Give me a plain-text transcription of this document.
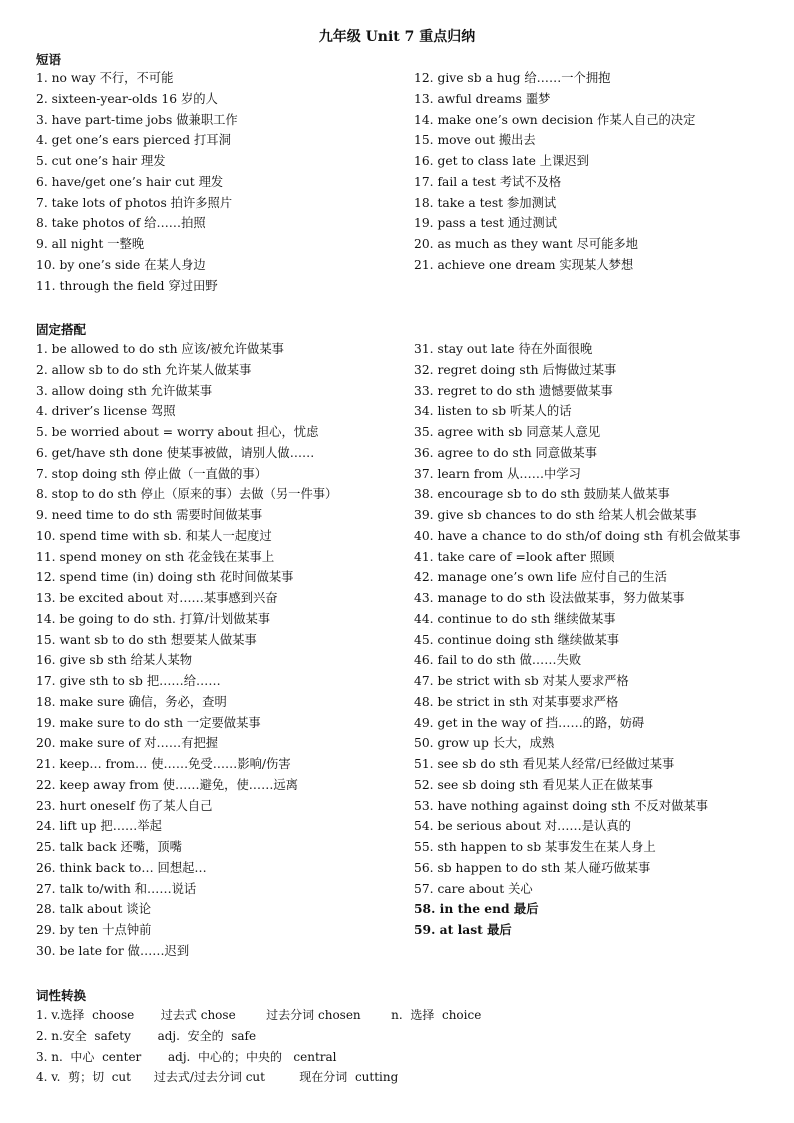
九年级 Unit 7 重点归纳
短语
1. no way 不行，不可能
2. sixteen-year-olds 16 岁的人
3. have part-time jobs 做兼职工作
4. get one’s ears pierced 打耳洞
5. cut one’s hair 理发
6. have/get one’s hair cut 理发
7. take lots of photos 拍许多照片
8. take photos of 给……拍照
9. all night 一整晚
10. by one’s side 在某人身边
11. through the field 穿过田野
12. give sb a hug 给……一个拥抱
13. awful dreams 噩梦
14. make one’s own decision 作某人自己的决定
15. move out 搬出去
16. get to class late 上课迟到
17. fail a test 考试不及格
18. take a test 参加测试
19. pass a test 通过测试
20. as much as they want 尽可能多地
21. achieve one dream 实现某人梦想
固定搭配
1. be allowed to do sth 应该/被允许做某事
2. allow sb to do sth 允许某人做某事
3. allow doing sth 允许做某事
4. driver’s license 驾照
5. be worried about = worry about 担心，忧虑
6. get/have sth done 使某事被做，请别人做……
7. stop doing sth 停止做（一直做的事）
8. stop to do sth 停止（原来的事）去做（另一件事）
9. need time to do sth 需要时间做某事
10. spend time with sb. 和某人一起度过
11. spend money on sth 花金钱在某事上
12. spend time (in) doing sth 花时间做某事
13. be excited about 对……某事感到兴奋
14. be going to do sth. 打算/计划做某事
15. want sb to do sth 想要某人做某事
16. give sb sth 给某人某物
17. give sth to sb 把……给……
18. make sure 确信，务必，查明
19. make sure to do sth 一定要做某事
20. make sure of 对……有把握
21. keep… from… 使……免受……影响/伤害
22. keep away from 使……避免，使……远离
23. hurt oneself 伤了某人自己
24. lift up 把……举起
25. talk back 还嘴，顶嘴
26. think back to… 回想起…
27. talk to/with 和……说话
28. talk about 谈论
29. by ten 十点钟前
30. be late for 做……迟到
31. stay out late 待在外面很晚
32. regret doing sth 后悔做过某事
33. regret to do sth 遗憾要做某事
34. listen to sb 听某人的话
35. agree with sb 同意某人意见
36. agree to do sth 同意做某事
37. learn from 从……中学习
38. encourage sb to do sth 鼓励某人做某事
39. give sb chances to do sth 给某人机会做某事
40. have a chance to do sth/of doing sth 有机会做某事
41. take care of =look after 照顾
42. manage one’s own life 应付自己的生活
43. manage to do sth 设法做某事，努力做某事
44. continue to do sth 继续做某事
45. continue doing sth 继续做某事
46. fail to do sth 做……失败
47. be strict with sb 对某人要求严格
48. be strict in sth 对某事要求严格
49. get in the way of 挡……的路，妨碍
50. grow up 长大，成熟
51. see sb do sth 看见某人经常/已经做过某事
52. see sb doing sth 看见某人正在做某事
53. have nothing against doing sth 不反对做某事
54. be serious about 对……是认真的
55. sth happen to sb 某事发生在某人身上
56. sb happen to do sth 某人碰巧做某事
57. care about 关心
58. in the end 最后
59. at last 最后
词性转换
1. v.选择  choose       过去式 chose        过去分词 chosen        n.  选择  choice
2. n.安全  safety       adj.  安全的  safe
3. n.  中心  center       adj.  中心的；中央的   central
4. v.  剪；切  cut      过去式/过去分词 cut         现在分词  cutting
